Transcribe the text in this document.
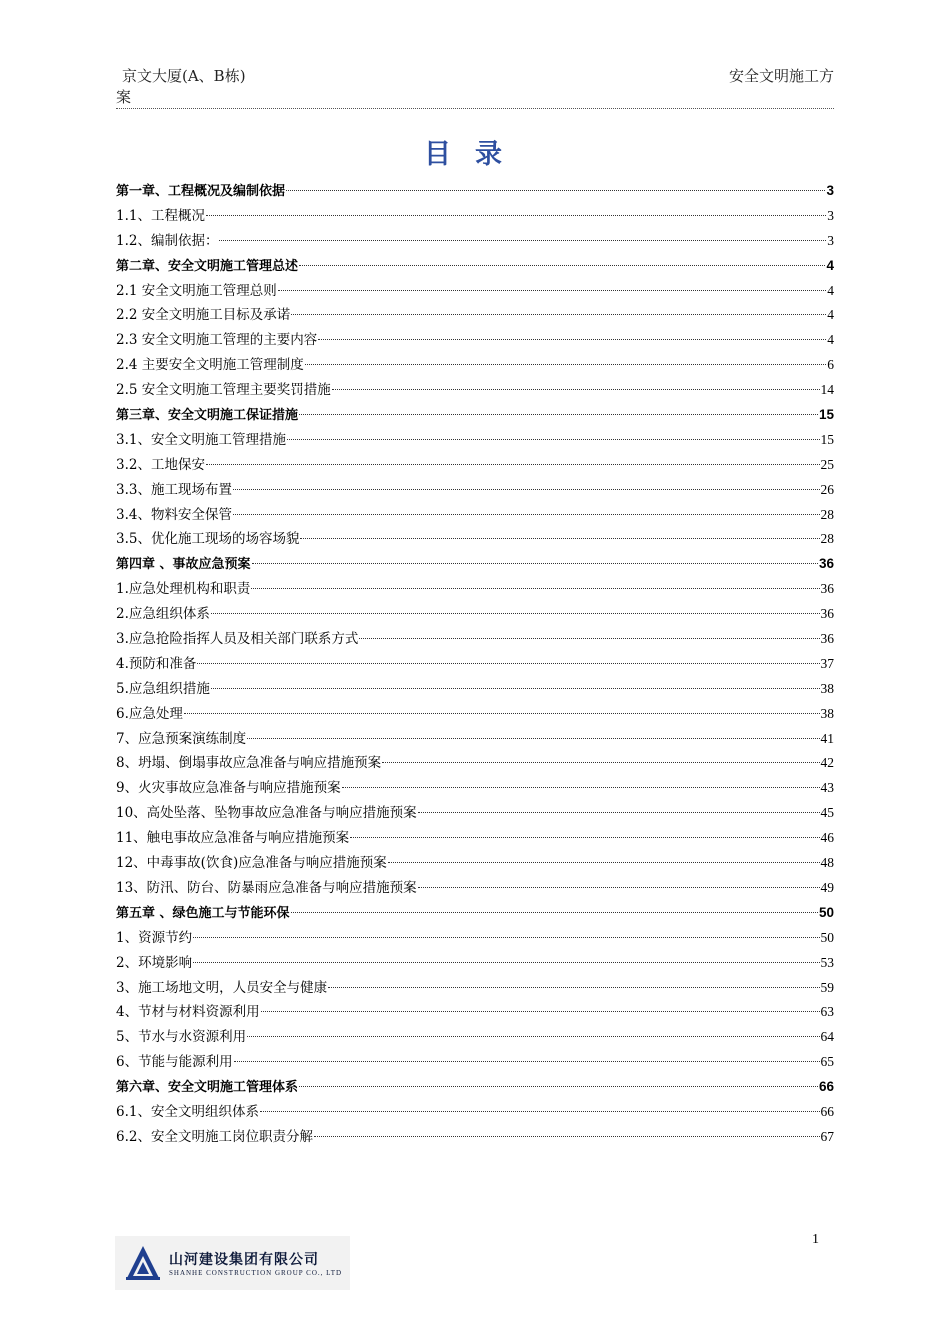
京文大厦(A、B栋)
案
安全文明施工方
目录
第一章、工程概况及编制依据	3
1.1、工程概况	3
1.2、编制依据：	3
第二章、安全文明施工管理总述	4
2.1 安全文明施工管理总则	4
2.2 安全文明施工目标及承诺	4
2.3 安全文明施工管理的主要内容	4
2.4 主要安全文明施工管理制度	6
2.5 安全文明施工管理主要奖罚措施	14
第三章、安全文明施工保证措施	15
3.1、安全文明施工管理措施	15
3.2、工地保安	25
3.3、施工现场布置	26
3.4、物料安全保管	28
3.5、优化施工现场的场容场貌	28
第四章 、事故应急预案	36
1.应急处理机构和职责	36
2.应急组织体系	36
3.应急抢险指挥人员及相关部门联系方式	36
4.预防和准备	37
5.应急组织措施	38
6.应急处理	38
7、应急预案演练制度	41
8、坍塌、倒塌事故应急准备与响应措施预案	42
9、火灾事故应急准备与响应措施预案	43
10、高处坠落、坠物事故应急准备与响应措施预案	45
11、触电事故应急准备与响应措施预案	46
12、中毒事故(饮食)应急准备与响应措施预案	48
13、防汛、防台、防暴雨应急准备与响应措施预案	49
第五章 、绿色施工与节能环保	50
1、资源节约	50
2、环境影响	53
3、施工场地文明，人员安全与健康	59
4、节材与材料资源利用	63
5、节水与水资源利用	64
6、节能与能源利用	65
第六章、安全文明施工管理体系	66
6.1、安全文明组织体系	66
6.2、安全文明施工岗位职责分解	67
1
山河建设集团有限公司
SHANHE CONSTRUCTION GROUP CO., LTD
